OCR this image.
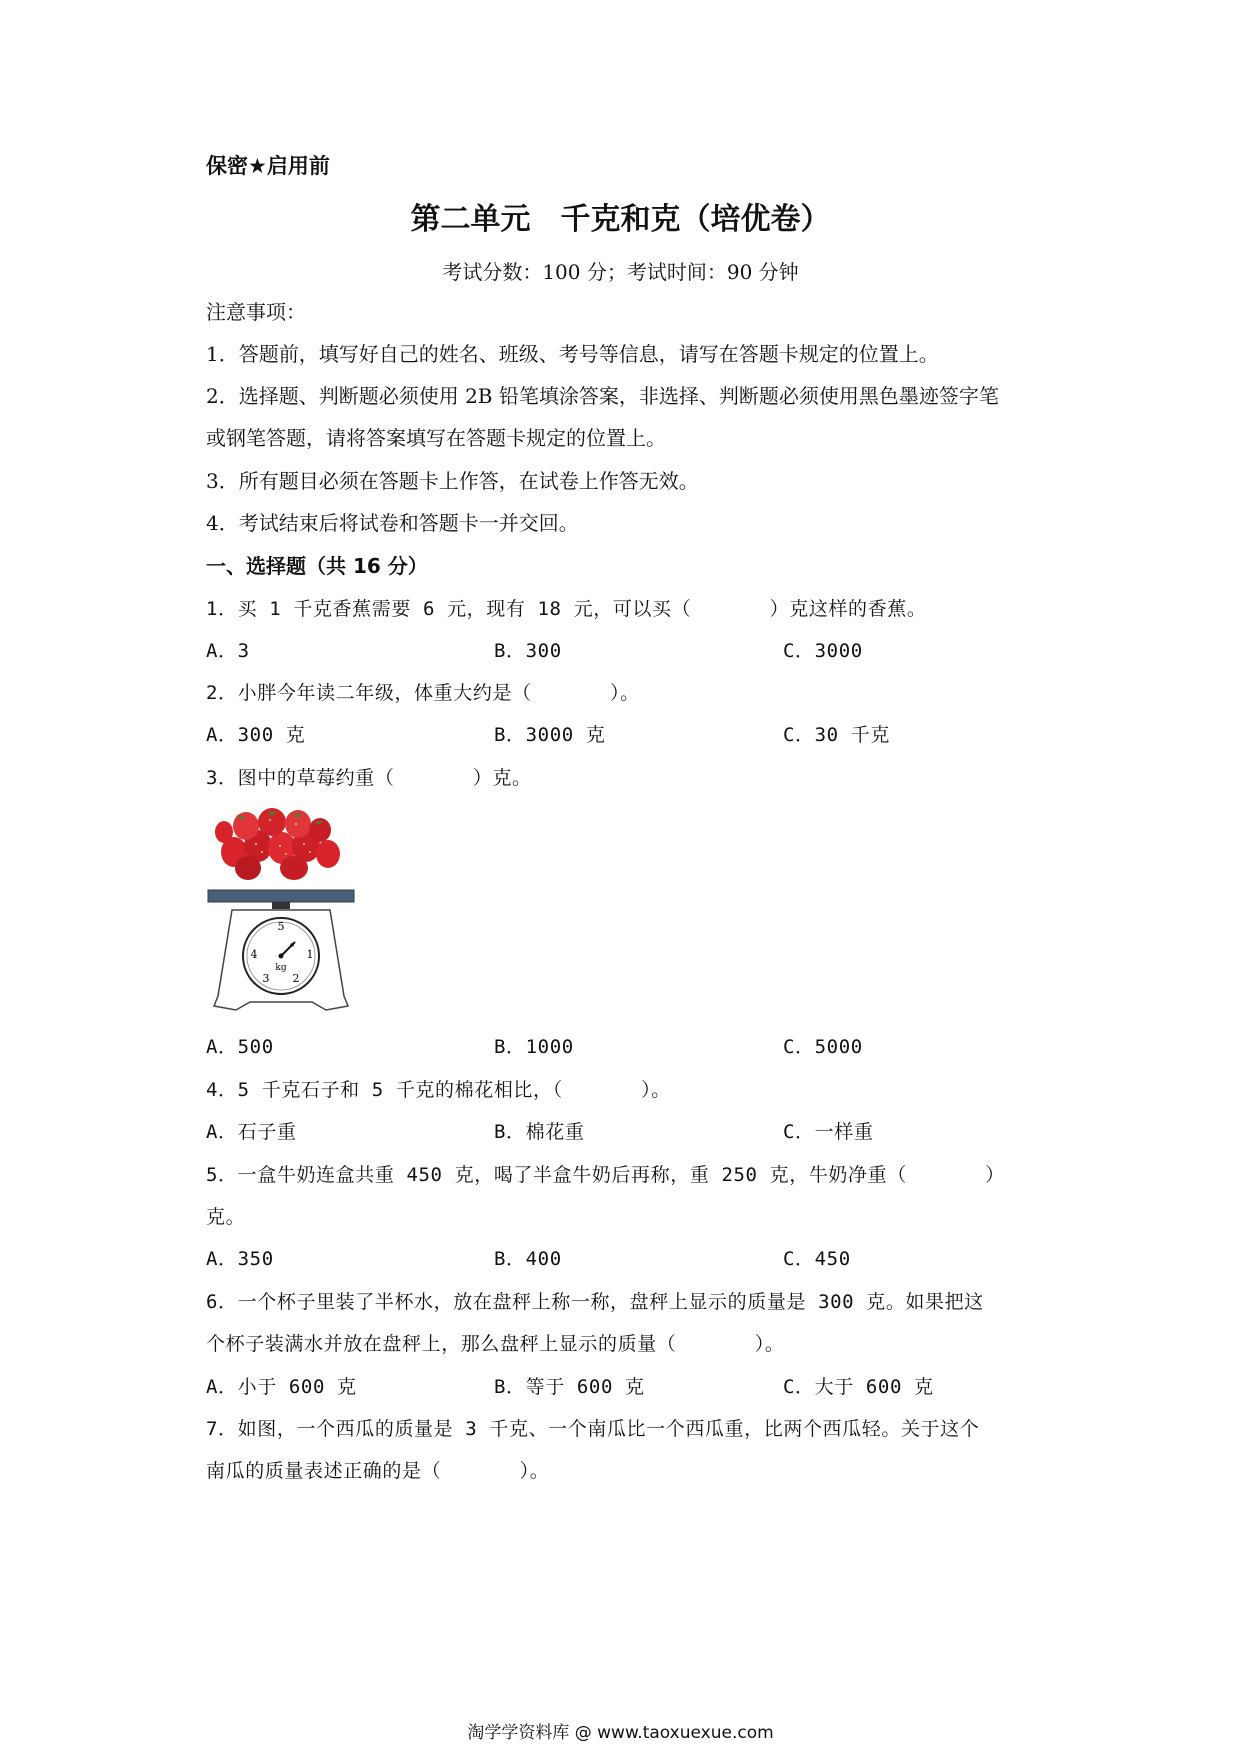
保密★启用前
第二单元　千克和克（培优卷）
考试分数：100 分；考试时间：90 分钟
注意事项：
1．答题前，填写好自己的姓名、班级、考号等信息，请写在答题卡规定的位置上。
2．选择题、判断题必须使用 2B 铅笔填涂答案，非选择、判断题必须使用黑色墨迹签字笔
或钢笔答题，请将答案填写在答题卡规定的位置上。
3．所有题目必须在答题卡上作答，在试卷上作答无效。
4．考试结束后将试卷和答题卡一并交回。
一、选择题（共 16 分）
1．买 1 千克香蕉需要 6 元，现有 18 元，可以买（　　　　）克这样的香蕉。
A．3	B．300	C．3000
2．小胖今年读二年级，体重大约是（　　　　）。
A．300 克	B．3000 克	C．30 千克
3．图中的草莓约重（　　　　）克。
5
1
2
3
4
kg
A．500	B．1000	C．5000
4．5 千克石子和 5 千克的棉花相比，（　　　　）。
A．石子重	B．棉花重	C．一样重
5．一盒牛奶连盒共重 450 克，喝了半盒牛奶后再称，重 250 克，牛奶净重（　　　　）
克。
A．350	B．400	C．450
6．一个杯子里装了半杯水，放在盘秤上称一称，盘秤上显示的质量是 300 克。如果把这
个杯子装满水并放在盘秤上，那么盘秤上显示的质量（　　　　）。
A．小于 600 克	B．等于 600 克	C．大于 600 克
7．如图，一个西瓜的质量是 3 千克、一个南瓜比一个西瓜重，比两个西瓜轻。关于这个
南瓜的质量表述正确的是（　　　　）。
淘学学资料库 @ www.taoxuexue.com
